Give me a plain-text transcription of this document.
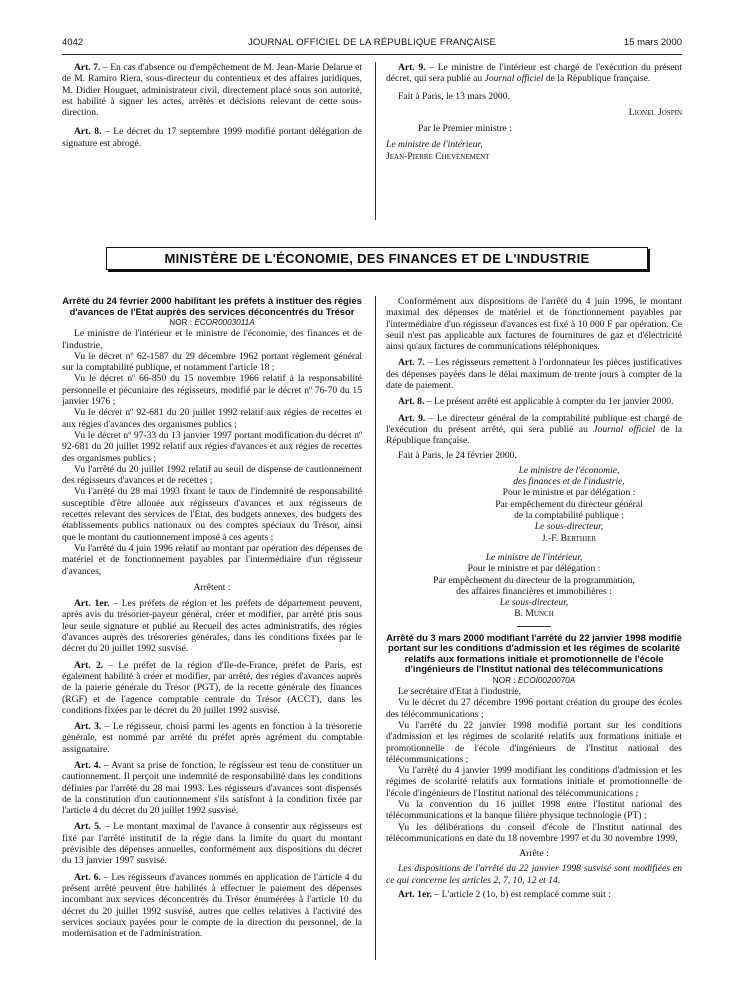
4042	JOURNAL OFFICIEL DE LA RÉPUBLIQUE FRANÇAISE	15 mars 2000

Art. 7. – En cas d'absence ou d'empêchement de M. Jean-Marie Delarue et de M. Ramiro Riera, sous-directeur du contentieux et des affaires juridiques, M. Didier Houguet, administrateur civil, directement placé sous son autorité, est habilité à signer les actes, arrêtés et décisions relevant de cette sous-direction.

Art. 8. – Le décret du 17 septembre 1999 modifié portant délégation de signature est abrogé.

Art. 9. – Le ministre de l'intérieur est chargé de l'exécution du présent décret, qui sera publié au Journal officiel de la République française.

Fait à Paris, le 13 mars 2000.

Lionel Jospin

Par le Premier ministre :

Le ministre de l'intérieur,

Jean-Pierre Chevènement

MINISTÈRE DE L'ÉCONOMIE, DES FINANCES ET DE L'INDUSTRIE

Arrêté du 24 février 2000 habilitant les préfets à instituer des régies d'avances de l'Etat auprès des services déconcentrés du Trésor

NOR : ECOR0003011A

Le ministre de l'intérieur et le ministre de l'économie, des finances et de l'industrie,

Vu le décret nº 62-1587 du 29 décembre 1962 portant règlement général sur la comptabilité publique, et notamment l'article 18 ;

Vu le décret nº 66-850 du 15 novembre 1966 relatif à la responsabilité personnelle et pécuniaire des régisseurs, modifié par le décret nº 76-70 du 15 janvier 1976 ;

Vu le décret nº 92-681 du 20 juillet 1992 relatif aux régies de recettes et aux régies d'avances des organismes publics ;

Vu le décret nº 97-33 du 13 janvier 1997 portant modification du décret nº 92-681 du 20 juillet 1992 relatif aux régies d'avances et aux régies de recettes des organismes publics ;

Vu l'arrêté du 20 juillet 1992 relatif au seuil de dispense de cautionnement des régisseurs d'avances et de recettes ;

Vu l'arrêté du 28 mai 1993 fixant le taux de l'indemnité de responsabilité susceptible d'être allouée aux régisseurs d'avances et aux régisseurs de recettes relevant des services de l'Etat, des budgets annexes, des budgets des établissements publics nationaux ou des comptes spéciaux du Trésor, ainsi que le montant du cautionnement imposé à ces agents ;

Vu l'arrêté du 4 juin 1996 relatif au montant par opération des dépenses de matériel et de fonctionnement payables par l'intermédiaire d'un régisseur d'avances,

Arrêtent :

Art. 1er. – Les préfets de région et les préfets de département peuvent, après avis du trésorier-payeur général, créer et modifier, par arrêté pris sous leur seule signature et publié au Recueil des actes administratifs, des régies d'avances auprès des trésoreries générales, dans les conditions fixées par le décret du 20 juillet 1992 susvisé.

Art. 2. – Le préfet de la région d'Ile-de-France, préfet de Paris, est également habilité à créer et modifier, par arrêté, des régies d'avances auprès de la paierie générale du Trésor (PGT), de la recette générale des finances (RGF) et de l'agence comptable centrale du Trésor (ACCT), dans les conditions fixées par le décret du 20 juillet 1992 susvisé.

Art. 3. – Le régisseur, choisi parmi les agents en fonction à la trésorerie générale, est nommé par arrêté du préfet après agrément du comptable assignataire.

Art. 4. – Avant sa prise de fonction, le régisseur est tenu de constituer un cautionnement. Il perçoit une indemnité de responsabilité dans les conditions définies par l'arrêté du 28 mai 1993. Les régisseurs d'avances sont dispensés de la constitution d'un cautionnement s'ils satisfont à la condition fixée par l'article 4 du décret du 20 juillet 1992 susvisé.

Art. 5. – Le montant maximal de l'avance à consentir aux régisseurs est fixé par l'arrêté institutif de la régie dans la limite du quart du montant prévisible des dépenses annuelles, conformément aux dispositions du décret du 13 janvier 1997 susvisé.

Art. 6. – Les régisseurs d'avances nommés en application de l'article 4 du présent arrêté peuvent être habilités à effectuer le paiement des dépenses incombant aux services déconcentrés du Trésor énumérées à l'article 10 du décret du 20 juillet 1992 susvisé, autres que celles relatives à l'activité des services sociaux payées pour le compte de la direction du personnel, de la modernisation et de l'administration.

Conformément aux dispositions de l'arrêté du 4 juin 1996, le montant maximal des dépenses de matériel et de fonctionnement payables par l'intermédiaire d'un régisseur d'avances est fixé à 10 000 F par opération. Ce seuil n'est pas applicable aux factures de fournitures de gaz et d'électricité ainsi qu'aux factures de communications téléphoniques.

Art. 7. – Les régisseurs remettent à l'ordonnateur les pièces justificatives des dépenses payées dans le délai maximum de trente jours à compter de la date de paiement.

Art. 8. – Le présent arrêté est applicable à compter du 1er janvier 2000.

Art. 9. – Le directeur général de la comptabilité publique est chargé de l'exécution du présent arrêté, qui sera publié au Journal officiel de la République française.

Fait à Paris, le 24 février 2000.

Le ministre de l'économie,

des finances et de l'industrie,

Pour le ministre et par délégation :

Par empêchement du directeur général

de la comptabilité publique :

Le sous-directeur,

J.-F. Berthier

Le ministre de l'intérieur,

Pour le ministre et par délégation :

Par empêchement du directeur de la programmation,

des affaires financières et immobilières :

Le sous-directeur,

B. Munch

Arrêté du 3 mars 2000 modifiant l'arrêté du 22 janvier 1998 modifié portant sur les conditions d'admission et les régimes de scolarité relatifs aux formations initiale et promotionnelle de l'école d'ingénieurs de l'Institut national des télécommunications

NOR : ECOI0020070A

Le secrétaire d'Etat à l'industrie,

Vu le décret du 27 décembre 1996 portant création du groupe des écoles des télécommunications ;

Vu l'arrêté du 22 janvier 1998 modifié portant sur les conditions d'admission et les régimes de scolarité relatifs aux formations initiale et promotionnelle de l'école d'ingénieurs de l'Institut national des télécommunications ;

Vu l'arrêté du 4 janvier 1999 modifiant les conditions d'admission et les régimes de scolarité relatifs aux formations initiale et promotionnelle de l'école d'ingénieurs de l'Institut national des télécommunications ;

Vu la convention du 16 juillet 1998 entre l'Institut national des télécommunications et la banque filière physique technologie (PT) ;

Vu les délibérations du conseil d'école de l'Institut national des télécommunications en date du 18 novembre 1997 et du 30 novembre 1999,

Arrête :

Les dispositions de l'arrêté du 22 janvier 1998 susvisé sont modifiées en ce qui concerne les articles 2, 7, 10, 12 et 14.

Art. 1er. – L'article 2 (1o, b) est remplacé comme suit :
